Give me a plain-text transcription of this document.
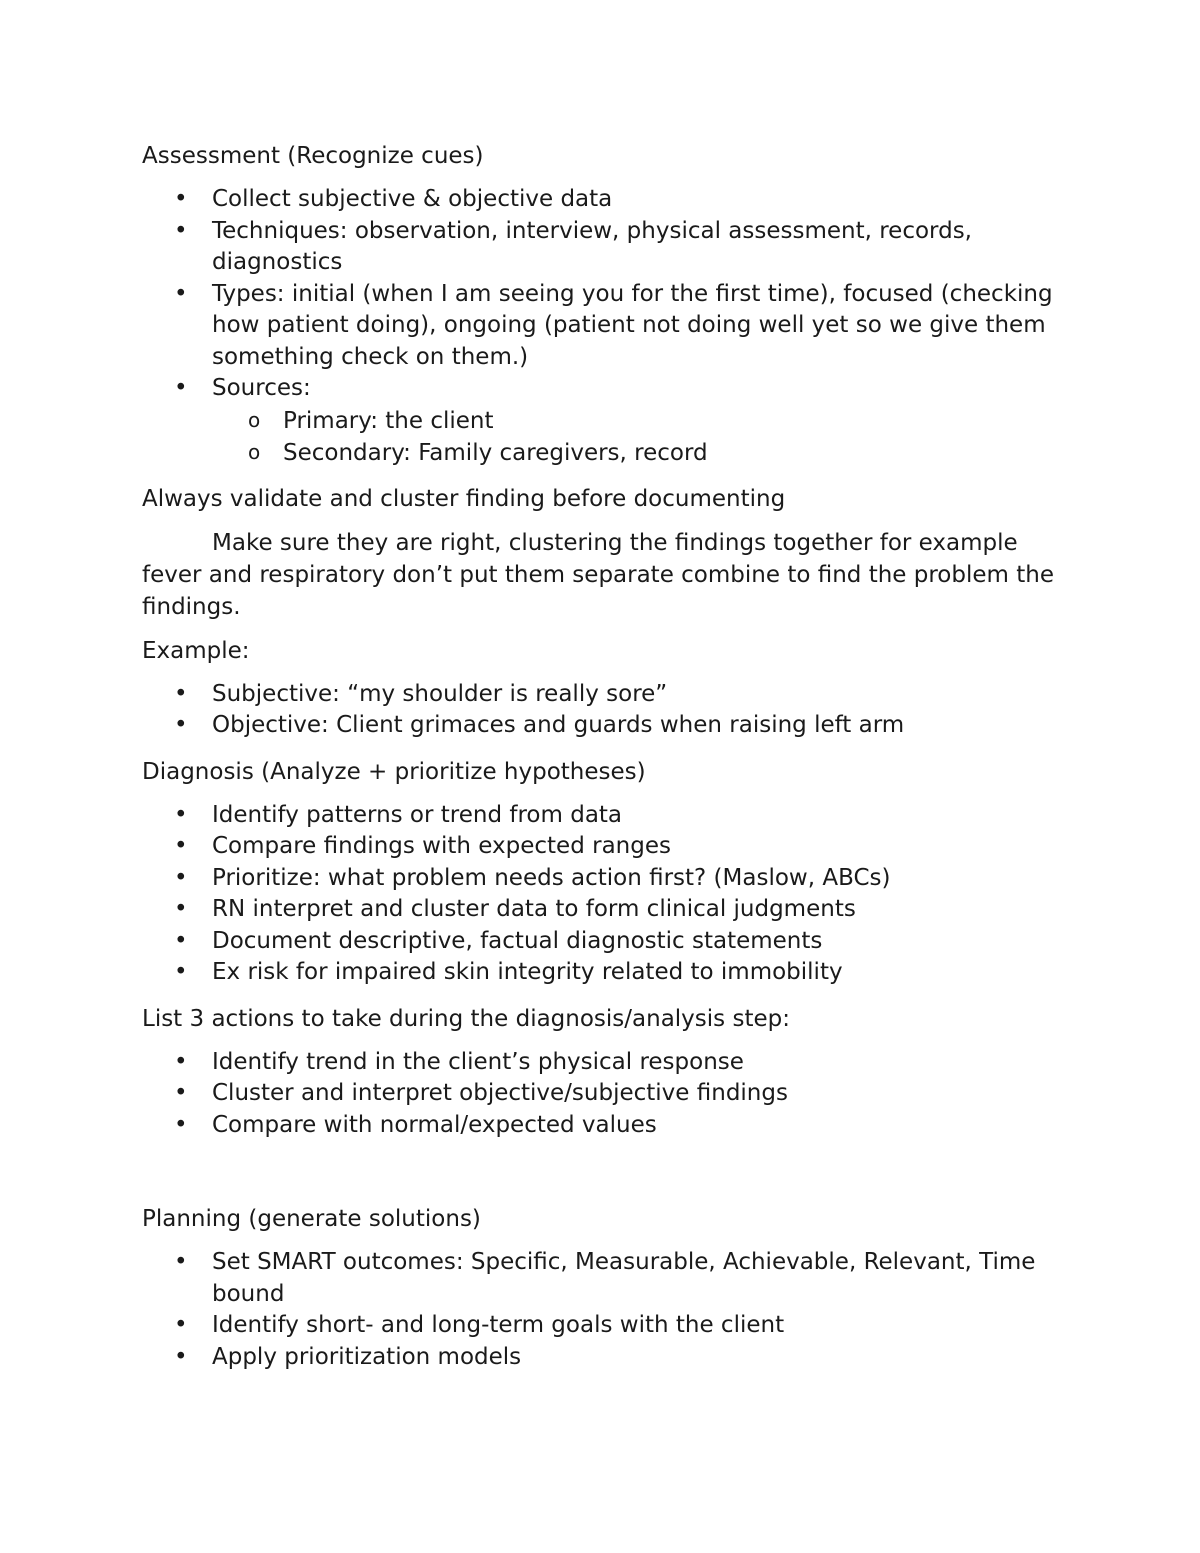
Assessment (Recognize cues)

• Collect subjective & objective data
• Techniques: observation, interview, physical assessment, records, diagnostics
• Types: initial (when I am seeing you for the first time), focused (checking how patient doing), ongoing (patient not doing well yet so we give them something check on them.)
• Sources:
o Primary: the client
o Secondary: Family caregivers, record

Always validate and cluster finding before documenting

Make sure they are right, clustering the findings together for example fever and respiratory don’t put them separate combine to find the problem the findings.

Example:

• Subjective: “my shoulder is really sore”
• Objective: Client grimaces and guards when raising left arm

Diagnosis (Analyze + prioritize hypotheses)

• Identify patterns or trend from data
• Compare findings with expected ranges
• Prioritize: what problem needs action first? (Maslow, ABCs)
• RN interpret and cluster data to form clinical judgments
• Document descriptive, factual diagnostic statements
• Ex risk for impaired skin integrity related to immobility

List 3 actions to take during the diagnosis/analysis step:

• Identify trend in the client’s physical response
• Cluster and interpret objective/subjective findings
• Compare with normal/expected values

Planning (generate solutions)

• Set SMART outcomes: Specific, Measurable, Achievable, Relevant, Time bound
• Identify short- and long-term goals with the client
• Apply prioritization models
